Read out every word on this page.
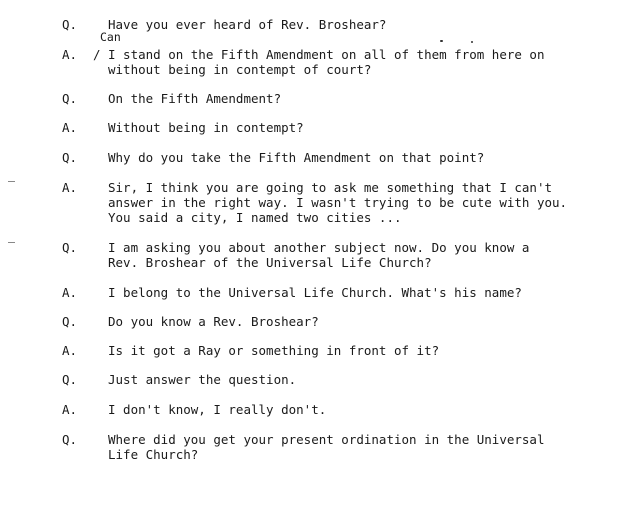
Can
/
Q.	Have you ever heard of Rev. Broshear?
A.	I stand on the Fifth Amendment on all of them from here on
without being in contempt of court?
Q.	On the Fifth Amendment?
A.	Without being in contempt?
Q.	Why do you take the Fifth Amendment on that point?
A.	Sir, I think you are going to ask me something that I can't
answer in the right way. I wasn't trying to be cute with you.
You said a city, I named two cities ...
Q.	I am asking you about another subject now. Do you know a
Rev. Broshear of the Universal Life Church?
A.	I belong to the Universal Life Church. What's his name?
Q.	Do you know a Rev. Broshear?
A.	Is it got a Ray or something in front of it?
Q.	Just answer the question.
A.	I don't know, I really don't.
Q.	Where did you get your present ordination in the Universal
Life Church?
